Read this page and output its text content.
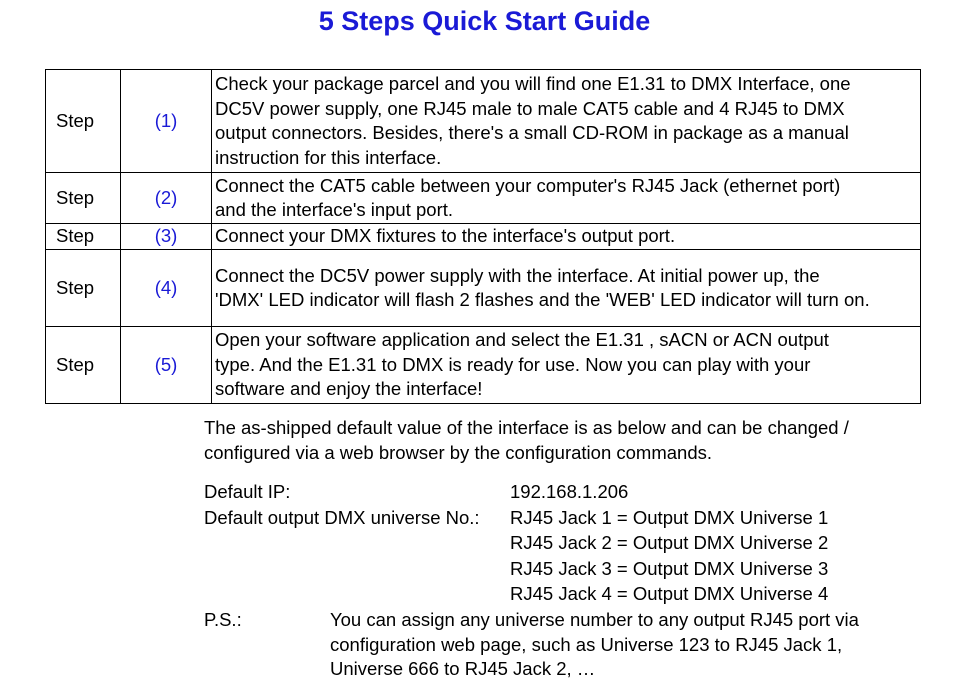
5 Steps Quick Start Guide
Step	(1)	Check your package parcel and you will find one E1.31 to DMX Interface, one
DC5V power supply, one RJ45 male to male CAT5 cable and 4 RJ45 to DMX
output connectors. Besides, there's a small CD-ROM in package as a manual
instruction for this interface.

Step	(2)	Connect the CAT5 cable between your computer's RJ45 Jack (ethernet port)
and the interface's input port.

Step	(3)	Connect your DMX fixtures to the interface's output port.

Step	(4)	Connect the DC5V power supply with the interface. At initial power up, the
'DMX' LED indicator will flash 2 flashes and the 'WEB' LED indicator will turn on.

Step	(5)	Open your software application and select the E1.31 , sACN or ACN output
type. And the E1.31 to DMX is ready for use. Now you can play with your
software and enjoy the interface!
The as-shipped default value of the interface is as below and can be changed /
configured via a web browser by the configuration commands.
Default IP:	192.168.1.206
Default output DMX universe No.: RJ45 Jack 1 = Output DMX Universe 1
RJ45 Jack 2 = Output DMX Universe 2
RJ45 Jack 3 = Output DMX Universe 3
RJ45 Jack 4 = Output DMX Universe 4
P.S.:	You can assign any universe number to any output RJ45 port via
configuration web page, such as Universe 123 to RJ45 Jack 1,
Universe 666 to RJ45 Jack 2, …
